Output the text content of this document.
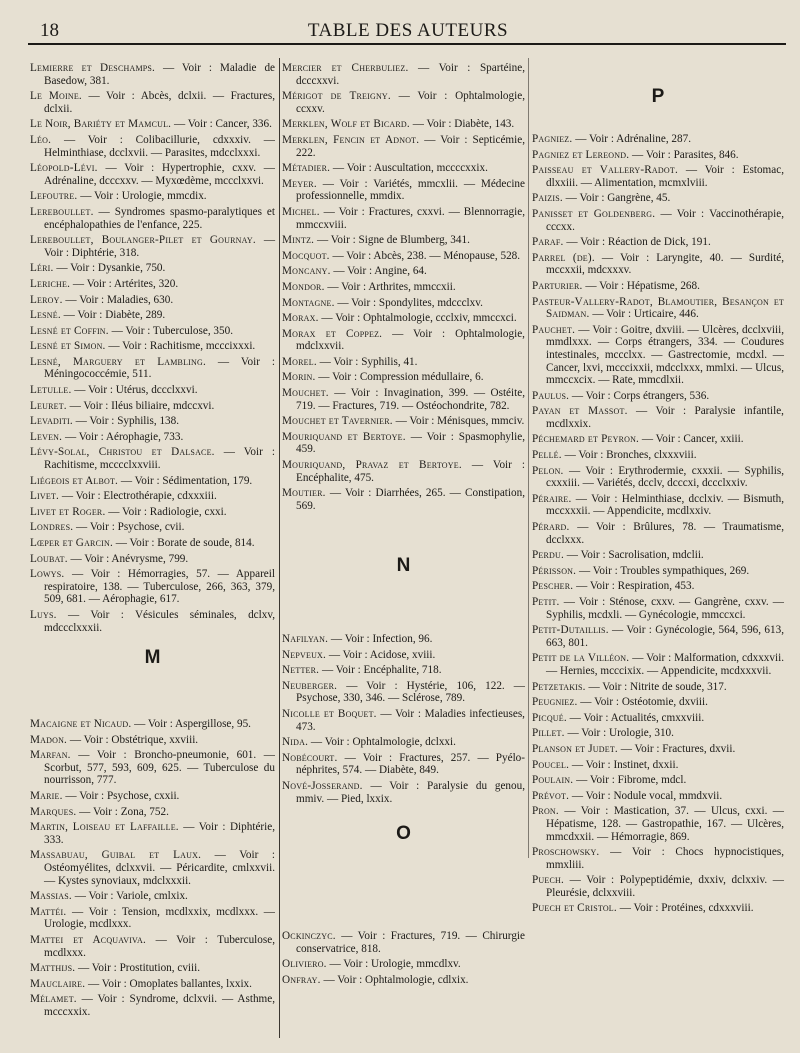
18	TABLE DES AUTEURS

Lemierre et Deschamps. — Voir : Maladie de Basedow, 381.

Le Moine. — Voir : Abcès, dclxii. — Fractures, dclxii.

Le Noir, Bariéty et Mamcul. — Voir : Cancer, 336.

Léo. — Voir : Colibacillurie, cdxxxiv. — Helminthiase, dcclxvii. — Parasites, mdcclxxxi.

Léopold-Lévi. — Voir : Hypertrophie, cxxv. — Adrénaline, dcccxxv. — Myxœdème, mccclxxvi.

Lefoutre. — Voir : Urologie, mmcdix.

Lereboullet. — Syndromes spasmo-paralytiques et encéphalopathies de l'enfance, 225.

Lereboullet, Boulanger-Pilet et Gournay. — Voir : Diphtérie, 318.

Léri. — Voir : Dysankie, 750.

Leriche. — Voir : Artérites, 320.

Leroy. — Voir : Maladies, 630.

Lesné. — Voir : Diabète, 289.

Lesné et Coffin. — Voir : Tuberculose, 350.

Lesné et Simon. — Voir : Rachitisme, mcccixxxi.

Lesné, Marguery et Lambling. — Voir : Méningococcémie, 511.

Letulle. — Voir : Utérus, dccclxxvi.

Leuret. — Voir : Iléus biliaire, mdccxvi.

Levaditi. — Voir : Syphilis, 138.

Leven. — Voir : Aérophagie, 733.

Lévy-Solal, Christou et Dalsace. — Voir : Rachitisme, mcccclxxviii.

Liégeois et Albot. — Voir : Sédimentation, 179.

Livet. — Voir : Electrothérapie, cdxxxiii.

Livet et Roger. — Voir : Radiologie, cxxi.

Londres. — Voir : Psychose, cvii.

Lœper et Garcin. — Voir : Borate de soude, 814.

Loubat. — Voir : Anévrysme, 799.

Lowys. — Voir : Hémorragies, 57. — Appareil respiratoire, 138. — Tuberculose, 266, 363, 379, 509, 681. — Aérophagie, 617.

Luys. — Voir : Vésicules séminales, dclxv, mdccclxxxii.

M

Macaigne et Nicaud. — Voir : Aspergillose, 95.

Madon. — Voir : Obstétrique, xxviii.

Marfan. — Voir : Broncho-pneumonie, 601. — Scorbut, 577, 593, 609, 625. — Tuberculose du nourrisson, 777.

Marie. — Voir : Psychose, cxxii.

Marques. — Voir : Zona, 752.

Martin, Loiseau et Laffaille. — Voir : Diphtérie, 333.

Massabuau, Guibal et Laux. — Voir : Ostéomyélites, dclxxvii. — Péricardite, cmlxxvii. — Kystes synoviaux, mdclxxxii.

Massias. — Voir : Variole, cmlxix.

Mattéi. — Voir : Tension, mcdlxxix, mcdlxxx. — Urologie, mcdlxxx.

Mattei et Acquaviva. — Voir : Tuberculose, mcdlxxx.

Matthijs. — Voir : Prostitution, cviii.

Mauclaire. — Voir : Omoplates ballantes, lxxix.

Mélamet. — Voir : Syndrome, dclxvii. — Asthme, mcccxxix.

Mercier et Cherbuliez. — Voir : Spartéine, dcccxxvi.

Mérigot de Treigny. — Voir : Ophtalmologie, ccxxv.

Merklen, Wolf et Bicard. — Voir : Diabète, 143.

Merklen, Fencin et Adnot. — Voir : Septicémie, 222.

Métadier. — Voir : Auscultation, mccccxxix.

Meyer. — Voir : Variétés, mmcxlii. — Médecine professionnelle, mmdix.

Michel. — Voir : Fractures, cxxvi. — Blennorragie, mmccxviii.

Mintz. — Voir : Signe de Blumberg, 341.

Mocquot. — Voir : Abcès, 238. — Ménopause, 528.

Moncany. — Voir : Angine, 64.

Mondor. — Voir : Arthrites, mmccxii.

Montagne. — Voir : Spondylites, mdccclxv.

Morax. — Voir : Ophtalmologie, ccclxiv, mmccxci.

Morax et Coppez. — Voir : Ophtalmologie, mdclxxvii.

Morel. — Voir : Syphilis, 41.

Morin. — Voir : Compression médullaire, 6.

Mouchet. — Voir : Invagination, 399. — Ostéite, 719. — Fractures, 719. — Ostéochondrite, 782.

Mouchet et Tavernier. — Voir : Ménisques, mmciv.

Mouriquand et Bertoye. — Voir : Spasmophylie, 459.

Mouriquand, Pravaz et Bertoye. — Voir : Encéphalite, 475.

Moutier. — Voir : Diarrhées, 265. — Constipation, 569.

N

Nafilyan. — Voir : Infection, 96.

Nepveux. — Voir : Acidose, xviii.

Netter. — Voir : Encéphalite, 718.

Neuberger. — Voir : Hystérie, 106, 122. — Psychose, 330, 346. — Sclérose, 789.

Nicolle et Boquet. — Voir : Maladies infectieuses, 473.

Nida. — Voir : Ophtalmologie, dclxxi.

Nobécourt. — Voir : Fractures, 257. — Pyélo-néphrites, 574. — Diabète, 849.

Nové-Josserand. — Voir : Paralysie du genou, mmiv. — Pied, lxxix.

O

Ockinczyc. — Voir : Fractures, 719. — Chirurgie conservatrice, 818.

Oliviero. — Voir : Urologie, mmcdlxv.

Onfray. — Voir : Ophtalmologie, cdlxix.

P

Pagniez. — Voir : Adrénaline, 287.

Pagniez et Lereond. — Voir : Parasites, 846.

Paisseau et Vallery-Radot. — Voir : Estomac, dlxxiii. — Alimentation, mcmxlviii.

Paizis. — Voir : Gangrène, 45.

Panisset et Goldenberg. — Voir : Vaccinothérapie, cccxx.

Paraf. — Voir : Réaction de Dick, 191.

Parrel (de). — Voir : Laryngite, 40. — Surdité, mccxxii, mdcxxxv.

Parturier. — Voir : Hépatisme, 268.

Pasteur-Vallery-Radot, Blamoutier, Besançon et Saidman. — Voir : Urticaire, 446.

Pauchet. — Voir : Goitre, dxviii. — Ulcères, dcclxviii, mmdlxxx. — Corps étrangers, 334. — Coudures intestinales, mccclxx. — Gastrectomie, mcdxl. — Cancer, lxvi, mcccixxii, mdcclxxx, mmlxi. — Ulcus, mmccxcix. — Rate, mmcdlxii.

Paulus. — Voir : Corps étrangers, 536.

Payan et Massot. — Voir : Paralysie infantile, mcdlxxix.

Péchemard et Peyron. — Voir : Cancer, xxiii.

Pellé. — Voir : Bronches, clxxxviii.

Pelon. — Voir : Erythrodermie, cxxxii. — Syphilis, cxxxiii. — Variétés, dcclv, dcccxi, dccclxxiv.

Péraire. — Voir : Helminthiase, dcclxiv. — Bismuth, mccxxxii. — Appendicite, mcdlxxiv.

Pérard. — Voir : Brûlures, 78. — Traumatisme, dcclxxx.

Perdu. — Voir : Sacrolisation, mdclii.

Périsson. — Voir : Troubles sympathiques, 269.

Pescher. — Voir : Respiration, 453.

Petit. — Voir : Sténose, cxxv. — Gangrène, cxxv. — Syphilis, mcdxli. — Gynécologie, mmccxci.

Petit-Dutaillis. — Voir : Gynécologie, 564, 596, 613, 663, 801.

Petit de la Villéon. — Voir : Malformation, cdxxxvii. — Hernies, mcccixix. — Appendicite, mcdxxxvii.

Petzetakis. — Voir : Nitrite de soude, 317.

Peugniez. — Voir : Ostéotomie, dxviii.

Picqué. — Voir : Actualités, cmxxviii.

Pillet. — Voir : Urologie, 310.

Planson et Judet. — Voir : Fractures, dxvii.

Poucel. — Voir : Instinet, dxxii.

Poulain. — Voir : Fibrome, mdcl.

Prévot. — Voir : Nodule vocal, mmdxvii.

Pron. — Voir : Mastication, 37. — Ulcus, cxxi. — Hépatisme, 128. — Gastropathie, 167. — Ulcères, mmcdxxii. — Hémorragie, 869.

Proschowsky. — Voir : Chocs hypnocistiques, mmxliii.

Puech. — Voir : Polypeptidémie, dxxiv, dclxxiv. — Pleurésie, dclxxviii.

Puech et Cristol. — Voir : Protéines, cdxxxviii.
